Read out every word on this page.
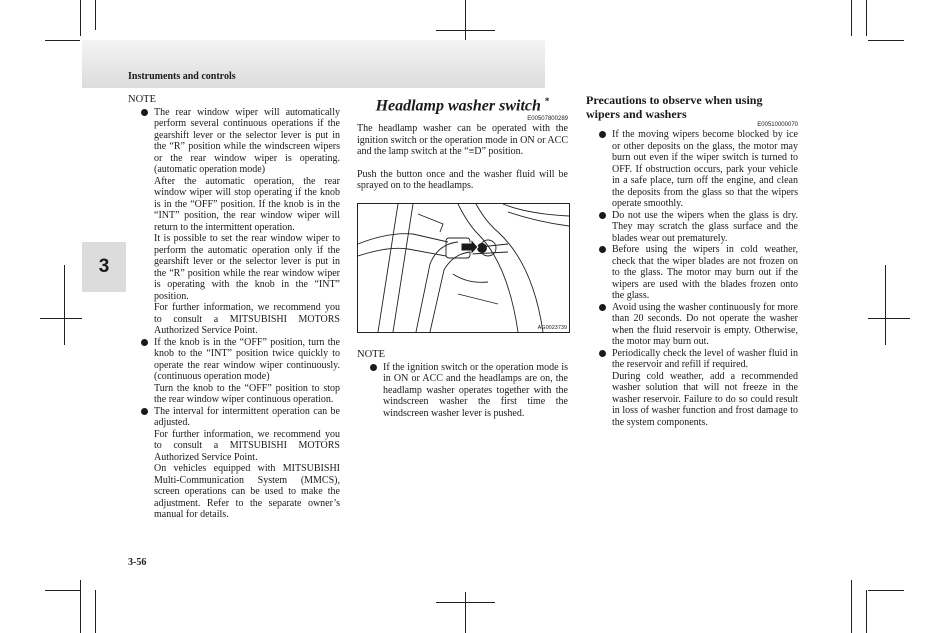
Instruments and controls
3
NOTE
The rear window wiper will automatically perform several continuous operations if the gearshift lever or the selector lever is put in the “R” position while the windscreen wipers or the rear window wiper is operating. (automatic operation mode)
After the automatic operation, the rear window wiper will stop operating if the knob is in the “OFF” position. If the knob is in the “INT” position, the rear window wiper will return to the intermittent operation.
It is possible to set the rear window wiper to perform the automatic operation only if the gearshift lever or the selector lever is put in the “R” position while the rear window wiper is operating with the knob in the “INT” position.
For further information, we recommend you to consult a MITSUBISHI MOTORS Authorized Service Point.
If the knob is in the “OFF” position, turn the knob to the “INT” position twice quickly to operate the rear window wiper continuously. (continuous operation mode)
Turn the knob to the “OFF” position to stop the rear window wiper continuous operation.
The interval for intermittent operation can be adjusted.
For further information, we recommend you to consult a MITSUBISHI MOTORS Authorized Service Point.
On vehicles equipped with MITSUBISHI Multi-Communication System (MMCS), screen operations can be used to make the adjustment. Refer to the separate owner’s manual for details.
Headlamp washer switch *
E00507800289
The headlamp washer can be operated with the ignition switch or the operation mode in ON or ACC and the lamp switch at the “≡D” position.
Push the button once and the washer fluid will be sprayed on to the headlamps.
AG0023739
NOTE
If the ignition switch or the operation mode is in ON or ACC and the headlamps are on, the headlamp washer operates together with the windscreen washer the first time the windscreen washer lever is pushed.
Precautions to observe when using wipers and washers
E00510000070
If the moving wipers become blocked by ice or other deposits on the glass, the motor may burn out even if the wiper switch is turned to OFF. If obstruction occurs, park your vehicle in a safe place, turn off the engine, and clean the deposits from the glass so that the wipers operate smoothly.
Do not use the wipers when the glass is dry. They may scratch the glass surface and the blades wear out prematurely.
Before using the wipers in cold weather, check that the wiper blades are not frozen on to the glass. The motor may burn out if the wipers are used with the blades frozen onto the glass.
Avoid using the washer continuously for more than 20 seconds. Do not operate the washer when the fluid reservoir is empty. Otherwise, the motor may burn out.
Periodically check the level of washer fluid in the reservoir and refill if required.
During cold weather, add a recommended washer solution that will not freeze in the washer reservoir. Failure to do so could result in loss of washer function and frost damage to the system components.
3-56
